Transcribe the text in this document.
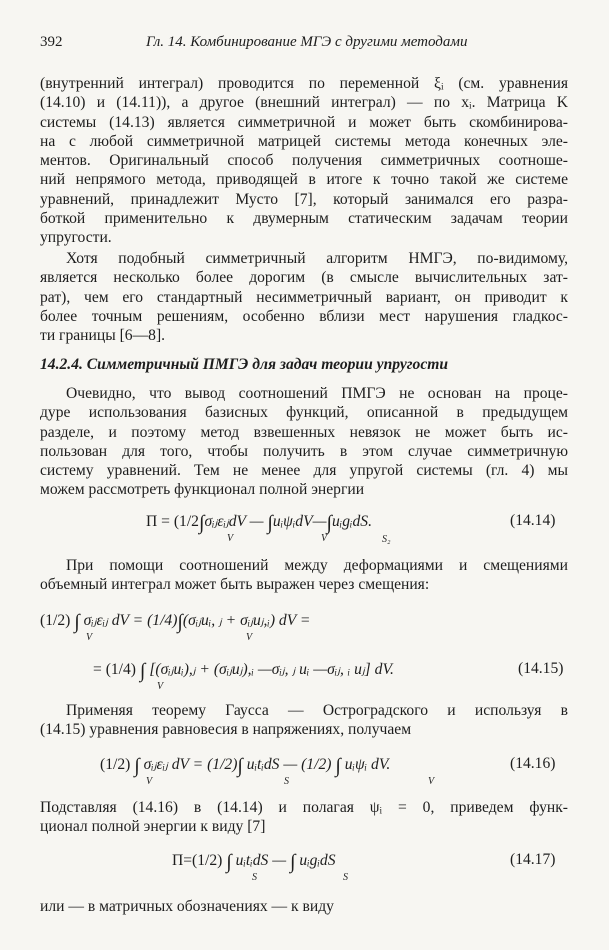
392	Гл. 14. Комбинирование МГЭ с другими методами

(внутренний интеграл) проводится по переменной ξᵢ (см. уравнения
(14.10) и (14.11)), а другое (внешний интеграл) — по xᵢ. Матрица K
системы (14.13) является симметричной и может быть скомбинирова-
на с любой симметричной матрицей системы метода конечных эле-
ментов. Оригинальный способ получения симметричных соотноше-
ний непрямого метода, приводящей в итоге к точно такой же системе
уравнений, принадлежит Мусто [7], который занимался его разра-
боткой применительно к двумерным статическим задачам теории
упругости.

Хотя подобный симметричный алгоритм НМГЭ, по-видимому,
является несколько более дорогим (в смысле вычислительных зат-
рат), чем его стандартный несимметричный вариант, он приводит к
более точным решениям, особенно вблизи мест нарушения гладкос-
ти границы [6—8].

14.2.4. Симметричный ПМГЭ для задач теории упругости

Очевидно, что вывод соотношений ПМГЭ не основан на проце-
дуре использования базисных функций, описанной в предыдущем
разделе, и поэтому метод взвешенных невязок не может быть ис-
пользован для того, чтобы получить в этом случае симметричную
систему уравнений. Тем не менее для упругой системы (гл. 4) мы
можем рассмотреть функционал полной энергии

Π = (1/2∫σᵢⱼεᵢⱼdV — ∫uᵢψᵢdV—∫uᵢgᵢdS.
V	V	S₂
(14.14)

При помощи соотношений между деформациями и смещениями
объемный интеграл может быть выражен через смещения:

(1/2) ∫ σᵢⱼεᵢⱼ dV = (1/4)∫(σᵢⱼuᵢ, ⱼ + σᵢⱼuⱼ,ᵢ) dV =
V	V
= (1/4) ∫ [(σᵢⱼuᵢ),ⱼ + (σᵢⱼuⱼ),ᵢ —σᵢⱼ, ⱼ uᵢ —σᵢⱼ, ᵢ uⱼ] dV.
V
(14.15)

Применяя теорему Гаусса — Остроградского и используя в
(14.15) уравнения равновесия в напряжениях, получаем

(1/2) ∫ σᵢⱼεᵢⱼ dV = (1/2)∫ uᵢtᵢdS — (1/2) ∫ uᵢψᵢ dV.
V	S	V
(14.16)

Подставляя (14.16) в (14.14) и полагая ψᵢ = 0, приведем функ-
ционал полной энергии к виду [7]

Π=(1/2) ∫ uᵢtᵢdS — ∫ uᵢgᵢdS
S	S
(14.17)

или — в матричных обозначениях — к виду
